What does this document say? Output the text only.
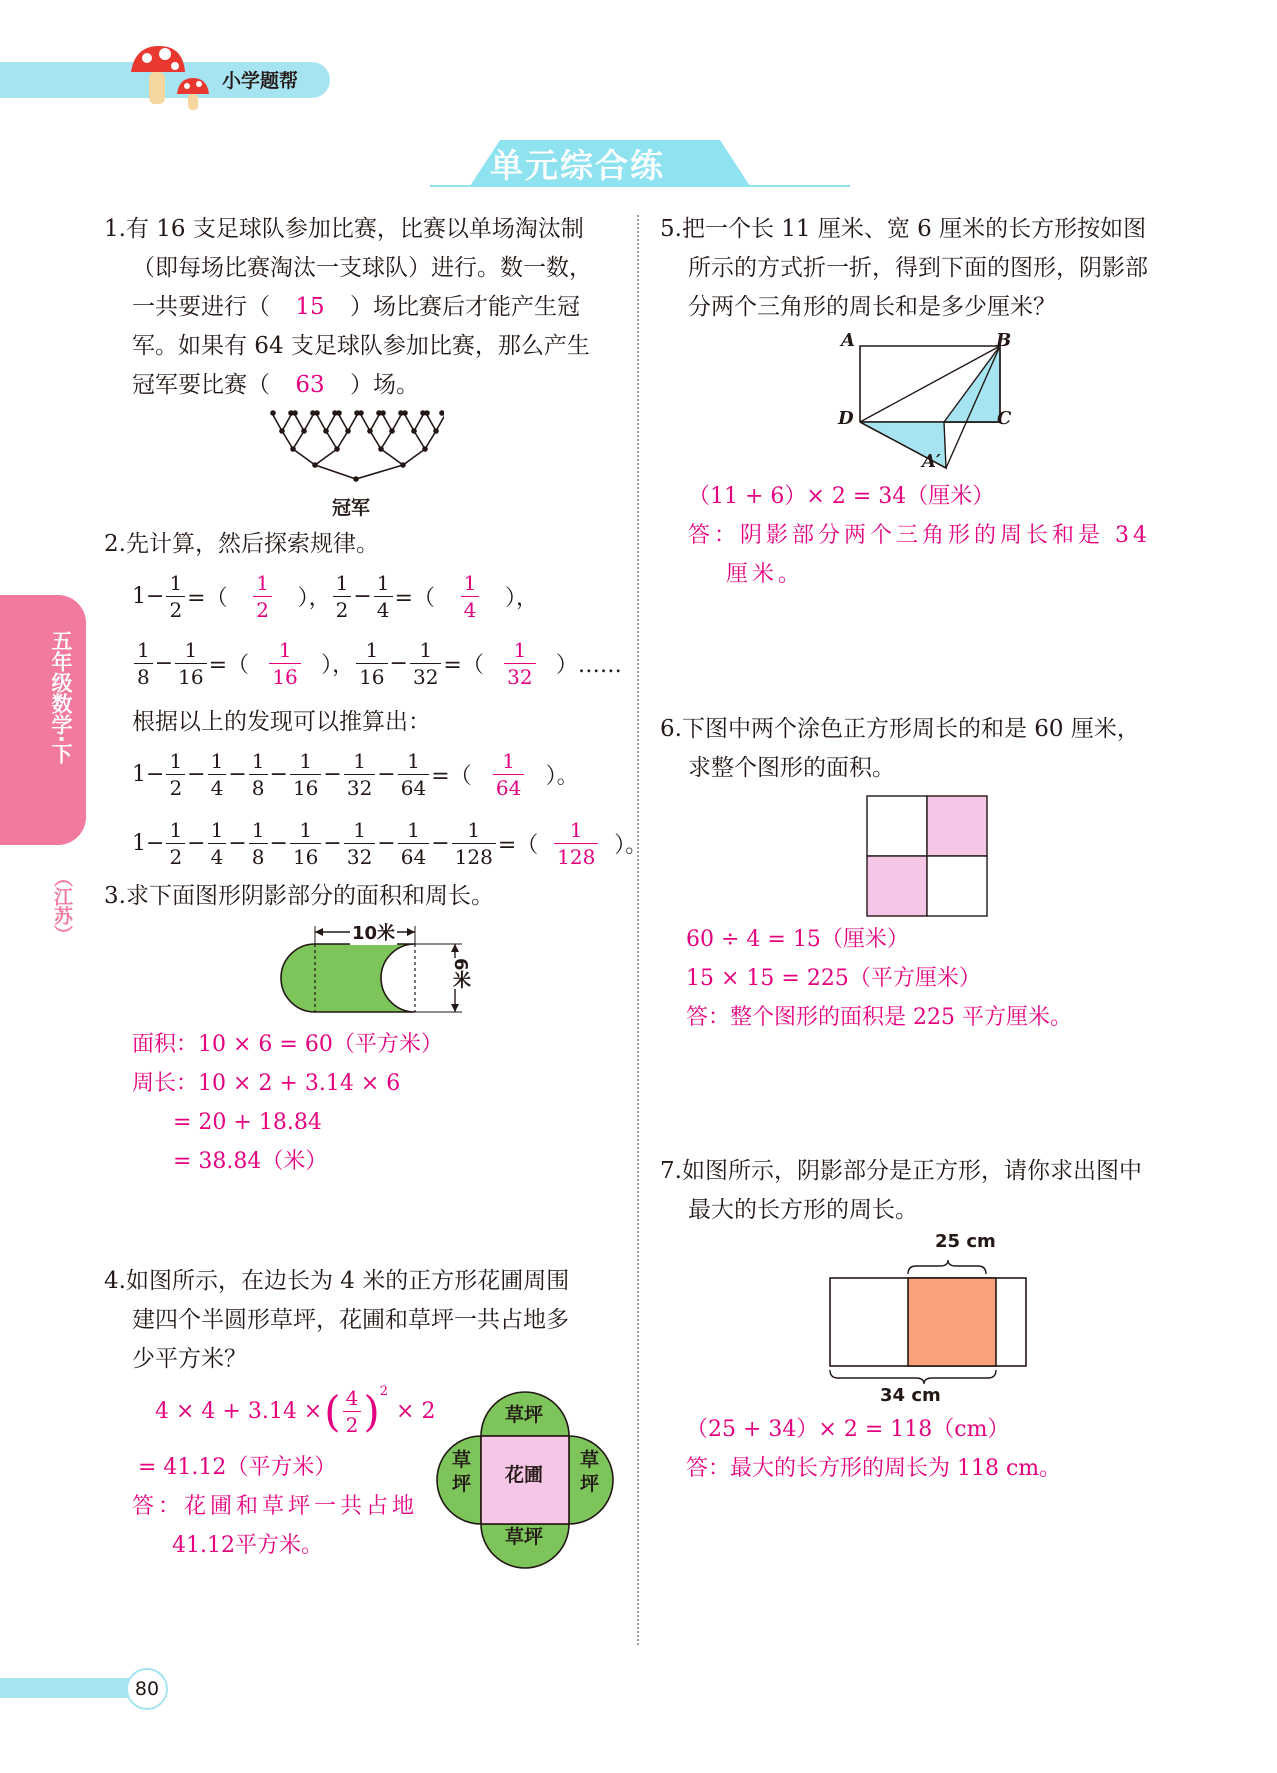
小学题帮
单元综合练
五年级数学·下
（江苏）

1.有 16 支足球队参加比赛，比赛以单场淘汰制

（即每场比赛淘汰一支球队）进行。数一数，

一共要进行（ 15 ）场比赛后才能产生冠

军。如果有 64 支足球队参加比赛，那么产生

冠军要比赛（ 63 ）场。

冠军

2.先计算，然后探索规律。

$1 - \frac{1}{2}$ =（ $\frac{1}{2}$ ），
1
2
− $\frac{1}{4}$ =（ $\frac{1}{4}$ ），
1
8
− $\frac{1}{16}$ =（ $\frac{1}{16}$ ），
1
16
− $\frac{1}{32}$ =（ $\frac{1}{32}$ ）……
根据以上的发现可以推算出：
$1 - \frac{1}{2} - \frac{1}{4} - \frac{1}{8} - \frac{1}{16} - \frac{1}{32} - \frac{1}{64}$ =（ $\frac{1}{64}$ ）。
$1 - \frac{1}{2} - \frac{1}{4} - \frac{1}{8} - \frac{1}{16} - \frac{1}{32} - \frac{1}{64} - \frac{1}{128}$ =（ $\frac{1}{128}$ ）。

3.求下面图形阴影部分的面积和周长。

10米
6米
面积：10 × 6 = 60（平方米）
周长：10 × 2 + 3.14 × 6
= 20 + 18.84
= 38.84（米）

4.如图所示，在边长为 4 米的正方形花圃周围

建四个半圆形草坪，花圃和草坪一共占地多

少平方米？

4 × 4 + 3.14 × ( 4
2 )$^2$
× 2
= 41.12（平方米）
答：花圃和草坪一共占地
41.12平方米。
草坪
草坪
草
坪
草
坪
花圃

5.把一个长 11 厘米、宽 6 厘米的长方形按如图

所示的方式折一折，得到下面的图形，阴影部

分两个三角形的周长和是多少厘米？

A	B
D	C
A′
（11 + 6）× 2 = 34（厘米）
答：阴影部分两个三角形的周长和是 34
厘米。

6.下图中两个涂色正方形周长的和是 60 厘米，

求整个图形的面积。

60 ÷ 4 = 15（厘米）
15 × 15 = 225（平方厘米）
答：整个图形的面积是 225 平方厘米。

7.如图所示，阴影部分是正方形，请你求出图中

最大的长方形的周长。

25 cm
34 cm
（25 + 34）× 2 = 118（cm）
答：最大的长方形的周长为 118 cm。
80
